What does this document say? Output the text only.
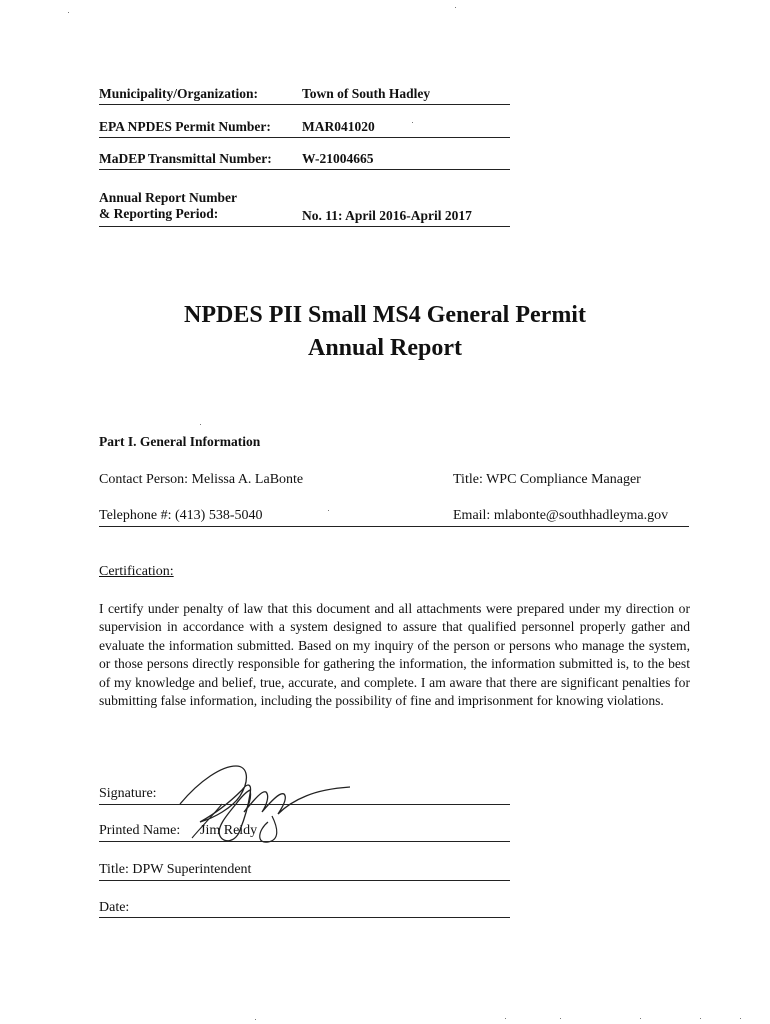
Municipality/Organization:	Town of South Hadley
EPA NPDES Permit Number: MAR041020
MaDEP Transmittal Number: W-21004665
Annual Report Number
& Reporting Period:	No. 11: April 2016-April 2017
NPDES PII Small MS4 General Permit
Annual Report
Part I. General Information
Contact Person: Melissa A. LaBonte	Title: WPC Compliance Manager
Telephone #: (413) 538-5040	Email: mlabonte@southhadleyma.gov
Certification:
I certify under penalty of law that this document and all attachments were prepared under my direction or supervision in accordance with a system designed to assure that qualified personnel properly gather and evaluate the information submitted. Based on my inquiry of the person or persons who manage the system, or those persons directly responsible for gathering the information, the information submitted is, to the best of my knowledge and belief, true, accurate, and complete. I am aware that there are significant penalties for submitting false information, including the possibility of fine and imprisonment for knowing violations.
Signature:
Printed Name: Jim Reidy
Title: DPW Superintendent
Date:
